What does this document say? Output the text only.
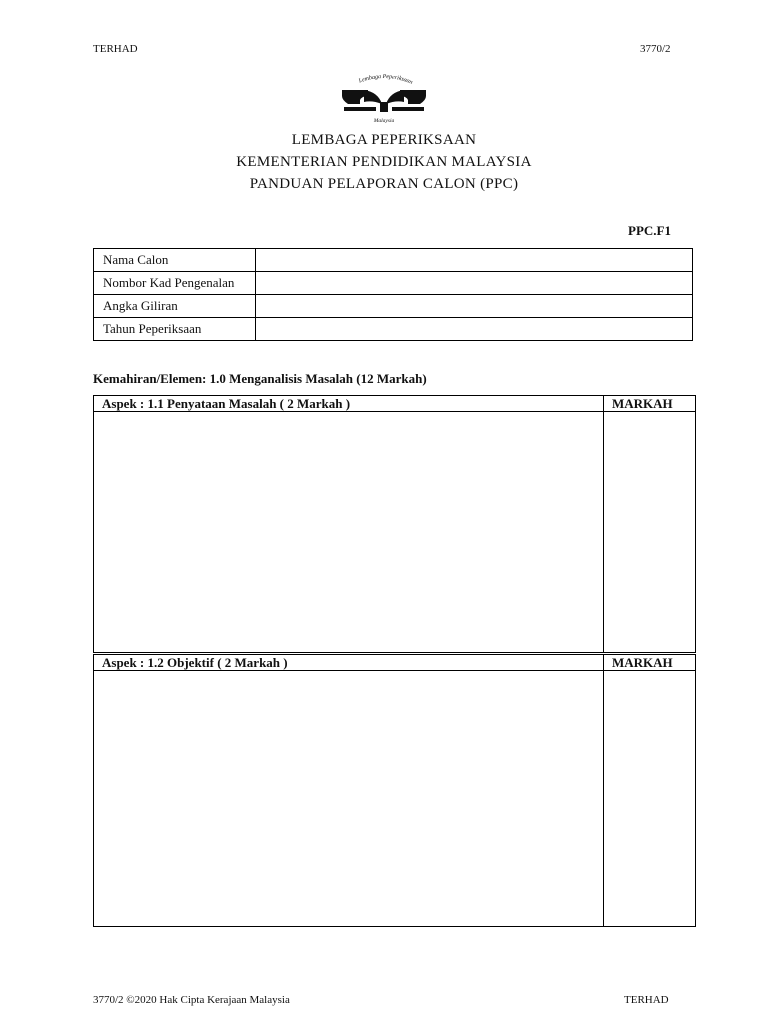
TERHAD	3770/2
Lembaga Peperiksaan
Malaysia
LEMBAGA PEPERIKSAAN
KEMENTERIAN PENDIDIKAN MALAYSIA
PANDUAN PELAPORAN CALON (PPC)
PPC.F1
Nama Calon	
Nombor Kad Pengenalan	
Angka Giliran	
Tahun Peperiksaan	
Kemahiran/Elemen: 1.0 Menganalisis Masalah (12 Markah)
Aspek : 1.1 Penyataan Masalah ( 2 Markah )	MARKAH

Aspek : 1.2 Objektif ( 2 Markah )	MARKAH

3770/2 ©2020 Hak Cipta Kerajaan Malaysia	TERHAD
